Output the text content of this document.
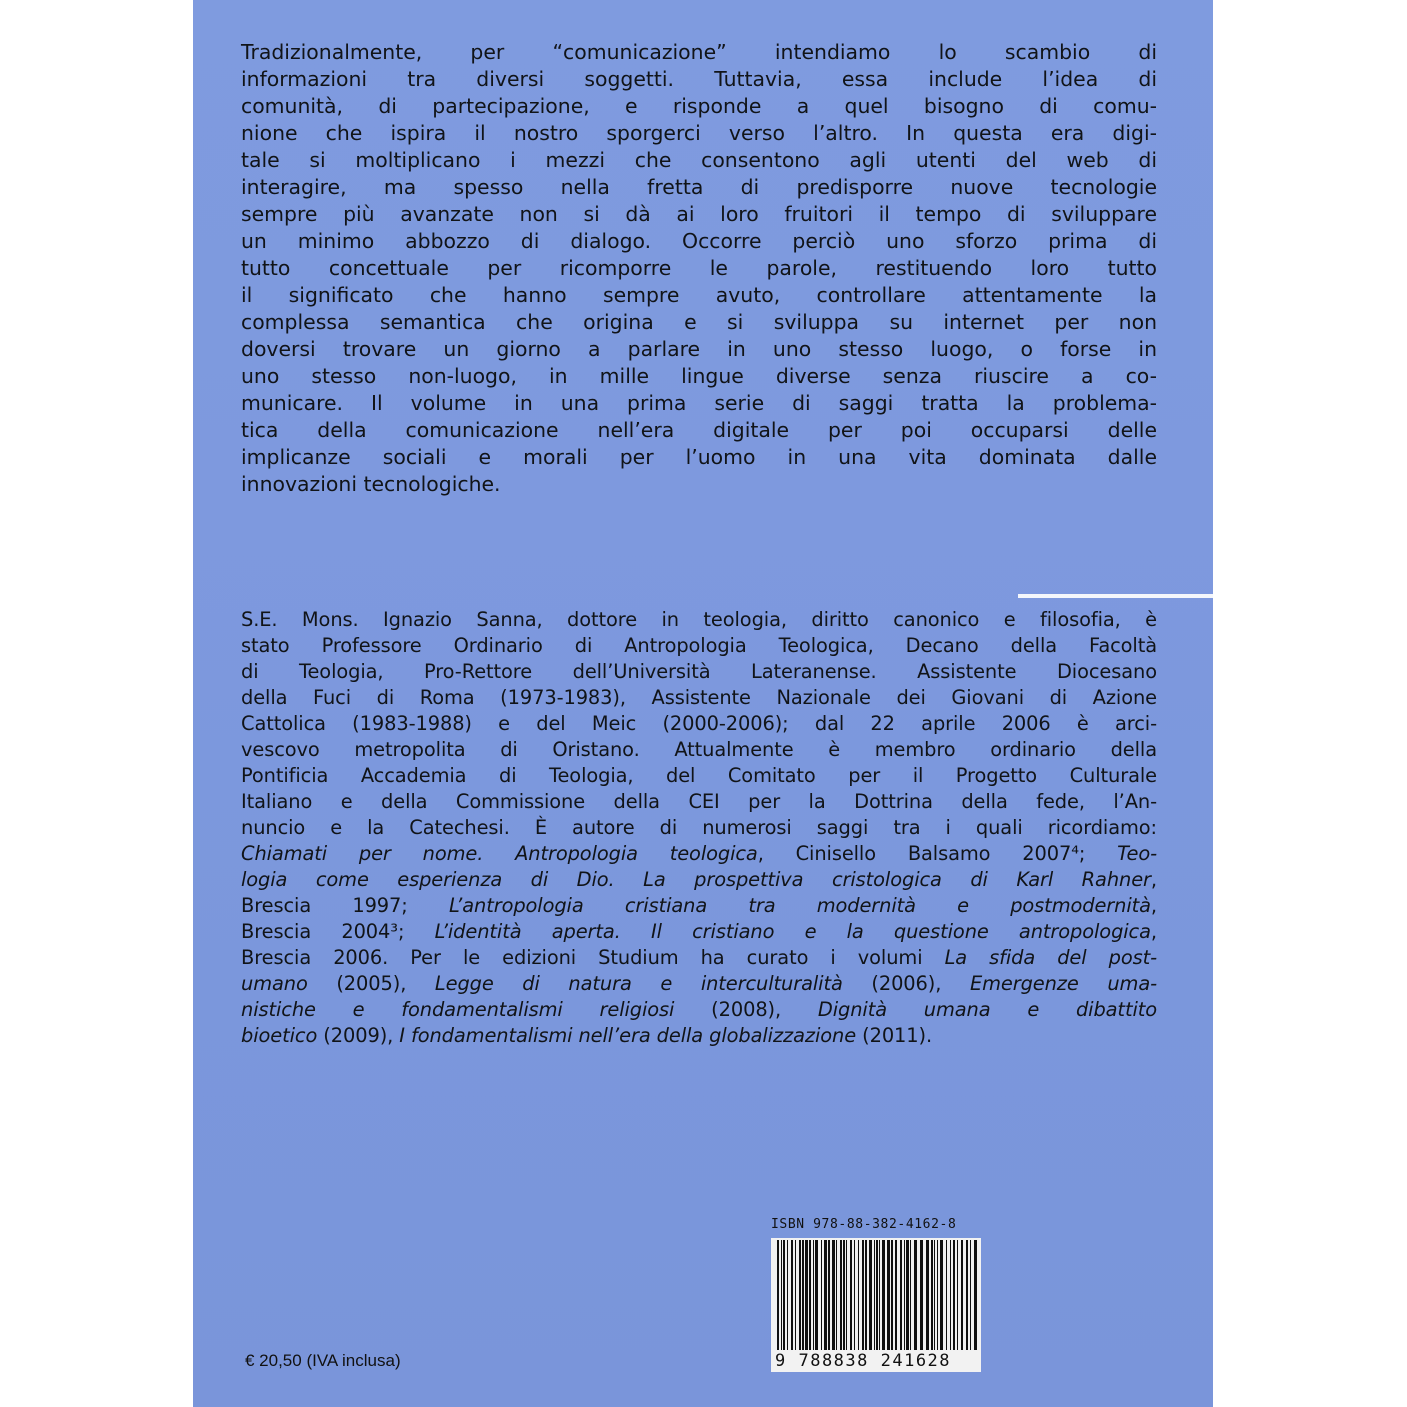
Tradizionalmente, per “comunicazione” intendiamo lo scambio di
informazioni tra diversi soggetti. Tuttavia, essa include l’idea di
comunità, di partecipazione, e risponde a quel bisogno di comu-
nione che ispira il nostro sporgerci verso l’altro. In questa era digi-
tale si moltiplicano i mezzi che consentono agli utenti del web di
interagire, ma spesso nella fretta di predisporre nuove tecnologie
sempre più avanzate non si dà ai loro fruitori il tempo di sviluppare
un minimo abbozzo di dialogo. Occorre perciò uno sforzo prima di
tutto concettuale per ricomporre le parole, restituendo loro tutto
il significato che hanno sempre avuto, controllare attentamente la
complessa semantica che origina e si sviluppa su internet per non
doversi trovare un giorno a parlare in uno stesso luogo, o forse in
uno stesso non-luogo, in mille lingue diverse senza riuscire a co-
municare. Il volume in una prima serie di saggi tratta la problema-
tica della comunicazione nell’era digitale per poi occuparsi delle
implicanze sociali e morali per l’uomo in una vita dominata dalle
innovazioni tecnologiche.
S.E. Mons. Ignazio Sanna, dottore in teologia, diritto canonico e filosofia, è
stato Professore Ordinario di Antropologia Teologica, Decano della Facoltà
di Teologia, Pro-Rettore dell’Università Lateranense. Assistente Diocesano
della Fuci di Roma (1973-1983), Assistente Nazionale dei Giovani di Azione
Cattolica (1983-1988) e del Meic (2000-2006); dal 22 aprile 2006 è arci-
vescovo metropolita di Oristano. Attualmente è membro ordinario della
Pontificia Accademia di Teologia, del Comitato per il Progetto Culturale
Italiano e della Commissione della CEI per la Dottrina della fede, l’An-
nuncio e la Catechesi. È autore di numerosi saggi tra i quali ricordiamo:
Chiamati per nome. Antropologia teologica, Cinisello Balsamo 2007⁴; Teo-
logia come esperienza di Dio. La prospettiva cristologica di Karl Rahner,
Brescia 1997; L’antropologia cristiana tra modernità e postmodernità,
Brescia 2004³; L’identità aperta. Il cristiano e la questione antropologica,
Brescia 2006. Per le edizioni Studium ha curato i volumi La sfida del post-
umano (2005), Legge di natura e interculturalità (2006), Emergenze uma-
nistiche e fondamentalismi religiosi (2008), Dignità umana e dibattito
bioetico (2009), I fondamentalismi nell’era della globalizzazione (2011).
ISBN 978-88-382-4162-8
9 788838 241628
€ 20,50 (IVA inclusa)
